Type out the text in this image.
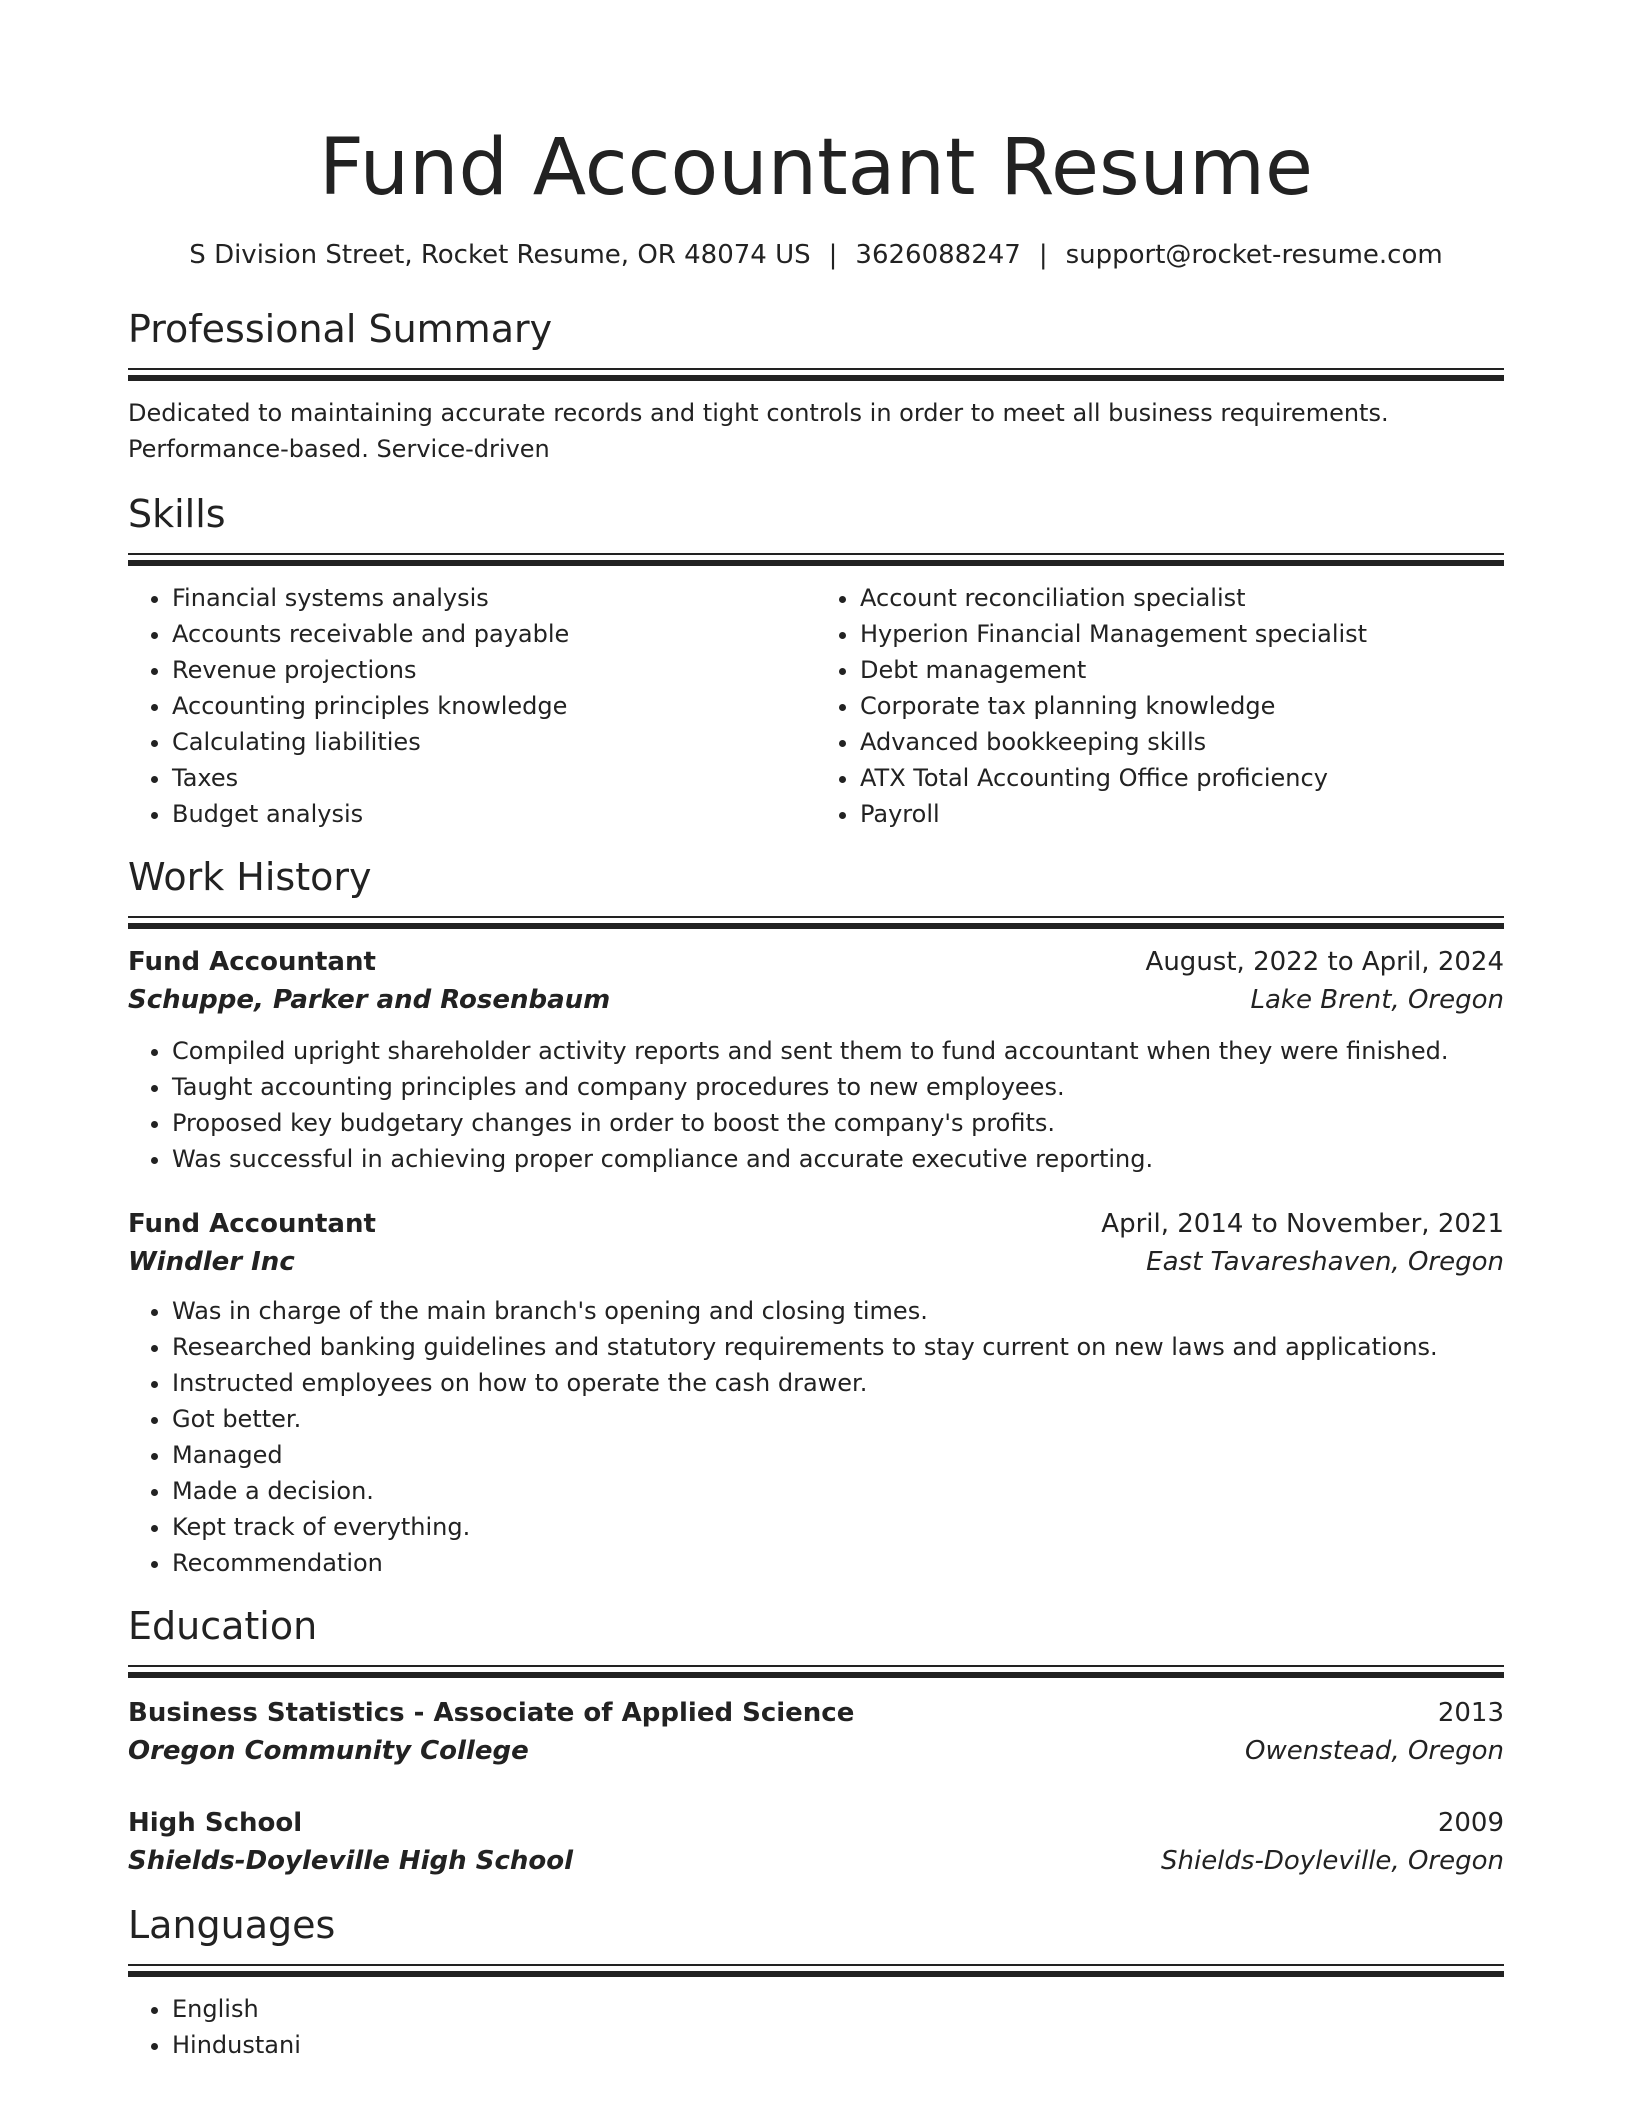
Fund Accountant Resume
S Division Street, Rocket Resume, OR 48074 US | 3626088247 | support@rocket-resume.com
Professional Summary
Dedicated to maintaining accurate records and tight controls in order to meet all business requirements. Performance-based. Service-driven
Skills
• Financial systems analysis
• Accounts receivable and payable
• Revenue projections
• Accounting principles knowledge
• Calculating liabilities
• Taxes
• Budget analysis
• Account reconciliation specialist
• Hyperion Financial Management specialist
• Debt management
• Corporate tax planning knowledge
• Advanced bookkeeping skills
• ATX Total Accounting Office proficiency
• Payroll
Work History
Fund Accountant	August, 2022 to April, 2024
Schuppe, Parker and Rosenbaum	Lake Brent, Oregon
• Compiled upright shareholder activity reports and sent them to fund accountant when they were finished.
• Taught accounting principles and company procedures to new employees.
• Proposed key budgetary changes in order to boost the company's profits.
• Was successful in achieving proper compliance and accurate executive reporting.
Fund Accountant	April, 2014 to November, 2021
Windler Inc	East Tavareshaven, Oregon
• Was in charge of the main branch's opening and closing times.
• Researched banking guidelines and statutory requirements to stay current on new laws and applications.
• Instructed employees on how to operate the cash drawer.
• Got better.
• Managed
• Made a decision.
• Kept track of everything.
• Recommendation
Education
Business Statistics - Associate of Applied Science	2013
Oregon Community College	Owenstead, Oregon
High School	2009
Shields-Doyleville High School	Shields-Doyleville, Oregon
Languages
• English
• Hindustani
